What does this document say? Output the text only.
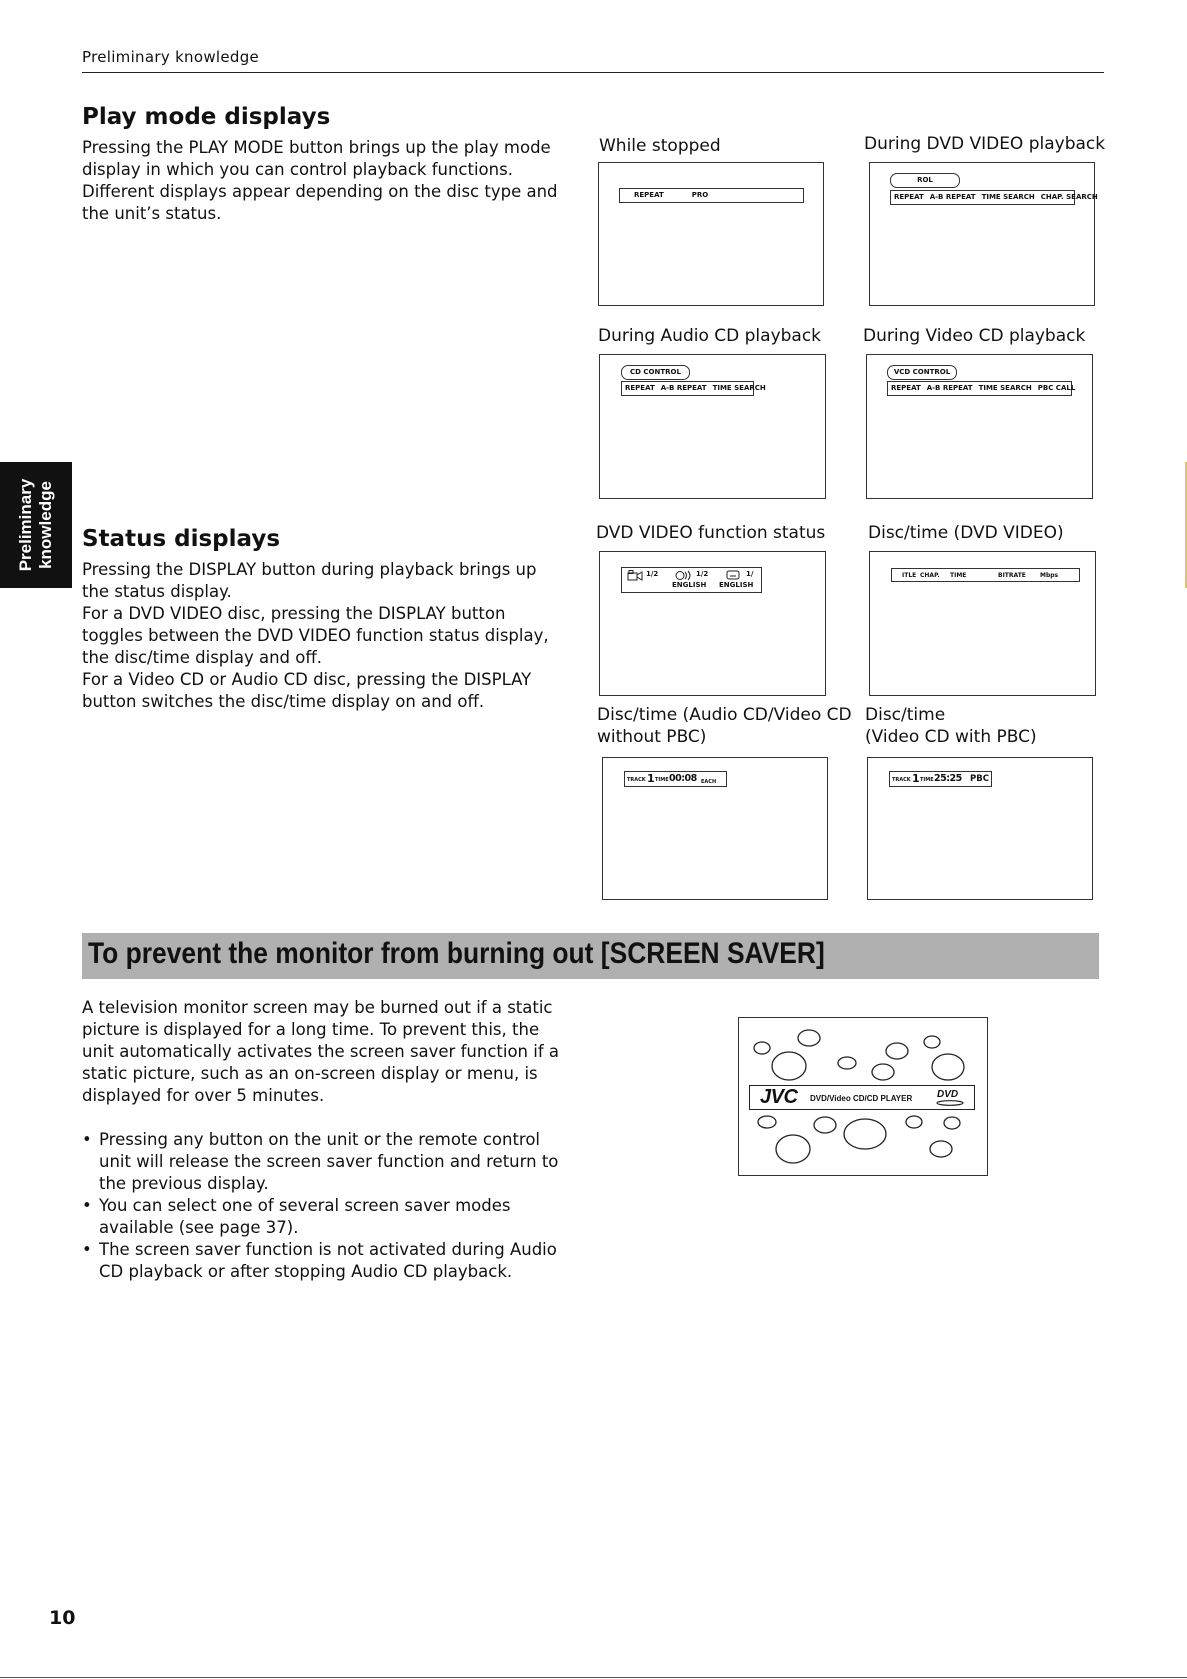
Preliminary knowledge
Preliminary knowledge
Play mode displays

Pressing the PLAY MODE button brings up the play mode display in which you can control playback functions.

Different displays appear depending on the disc type and the unit’s status.

While stopped
REPEAT	PRO
During DVD VIDEO playback
ROL
REPEAT A-B REPEAT TIME SEARCH CHAP. SEARCH
During Audio CD playback
CD CONTROL
REPEAT A-B REPEAT TIME SEARCH
During Video CD playback
VCD CONTROL
REPEAT A-B REPEAT TIME SEARCH PBC CALL
Status displays

Pressing the DISPLAY button during playback brings up the status display.

For a DVD VIDEO disc, pressing the DISPLAY button toggles between the DVD VIDEO function status display, the disc/time display and off.

For a Video CD or Audio CD disc, pressing the DISPLAY button switches the disc/time display on and off.

DVD VIDEO function status
1/2	1/2	1/
ENGLISH ENGLISH
Disc/time (DVD VIDEO)
ITLE CHAP. TIME	BITRATE Mbps
Disc/time (Audio CD/Video CD
without PBC)
TRACK 1 TIME 00:08 EACH
Disc/time
(Video CD with PBC)
TRACK 1 TIME 25:25 PBC
To prevent the monitor from burning out [SCREEN SAVER]

A television monitor screen may be burned out if a static picture is displayed for a long time. To prevent this, the unit automatically activates the screen saver function if a static picture, such as an on-screen display or menu, is displayed for over 5 minutes.

• Pressing any button on the unit or the remote control unit will release the screen saver function and return to the previous display.
• You can select one of several screen saver modes available (see page 37).
• The screen saver function is not activated during Audio CD playback or after stopping Audio CD playback.
JVC DVD/Video CD/CD PLAYER DVD
10
